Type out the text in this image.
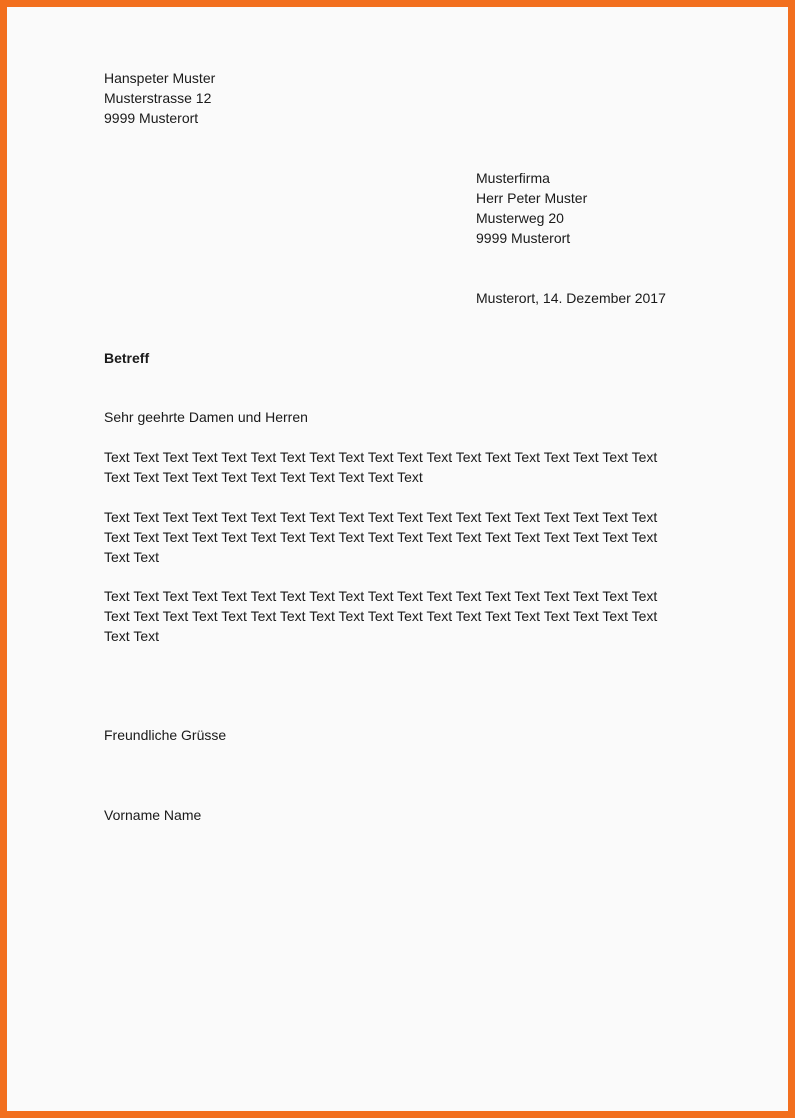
Hanspeter Muster
Musterstrasse 12
9999 Musterort
Musterfirma
Herr Peter Muster
Musterweg 20
9999 Musterort
Musterort, 14. Dezember 2017
Betreff
Sehr geehrte Damen und Herren
Text Text Text Text Text Text Text Text Text Text Text Text Text Text Text Text Text Text Text
Text Text Text Text Text Text Text Text Text Text Text
Text Text Text Text Text Text Text Text Text Text Text Text Text Text Text Text Text Text Text
Text Text Text Text Text Text Text Text Text Text Text Text Text Text Text Text Text Text Text
Text Text
Text Text Text Text Text Text Text Text Text Text Text Text Text Text Text Text Text Text Text
Text Text Text Text Text Text Text Text Text Text Text Text Text Text Text Text Text Text Text
Text Text
Freundliche Grüsse
Vorname Name
